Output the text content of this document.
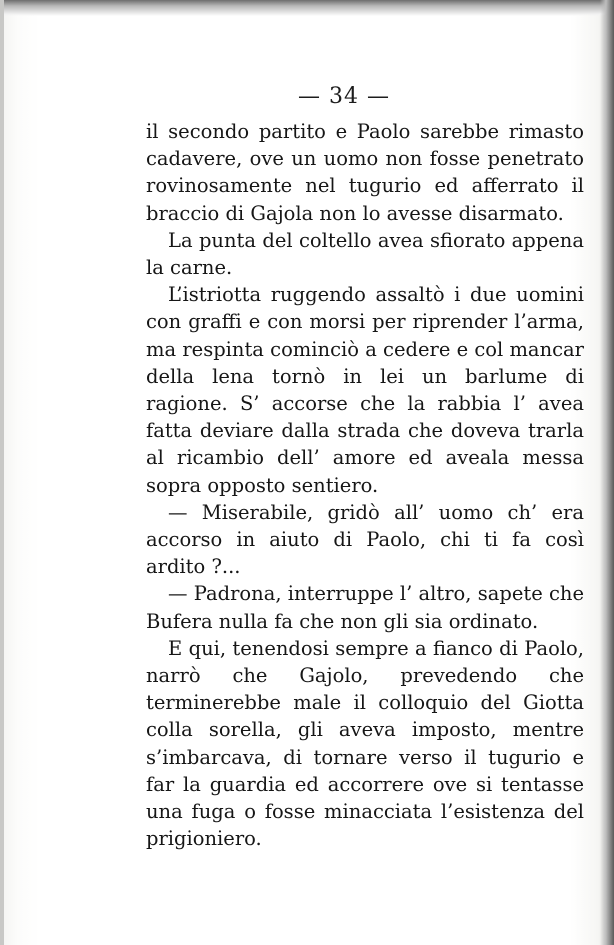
— 34 —

il secondo partito e Paolo sarebbe rimasto cadavere, ove un uomo non fosse penetrato rovinosamente nel tugurio ed afferrato il braccio di Gajola non lo avesse disarmato.

La punta del coltello avea sfiorato appena la carne.

L’istriotta ruggendo assaltò i due uomini con graffi e con morsi per riprender l’arma, ma respinta cominciò a cedere e col mancar della lena tornò in lei un barlume di ragione. S’ accorse che la rabbia l’ avea fatta deviare dalla strada che doveva trarla al ricambio dell’ amore ed aveala messa sopra opposto sentiero.

— Miserabile, gridò all’ uomo ch’ era accorso in aiuto di Paolo, chi ti fa così ardito ?...

— Padrona, interruppe l’ altro, sapete che Bufera nulla fa che non gli sia ordinato.

E qui, tenendosi sempre a fianco di Paolo, narrò che Gajolo, prevedendo che terminerebbe male il colloquio del Giotta colla sorella, gli aveva imposto, mentre s’imbarcava, di tornare verso il tugurio e far la guardia ed accorrere ove si tentasse una fuga o fosse minacciata l’esistenza del prigioniero.
